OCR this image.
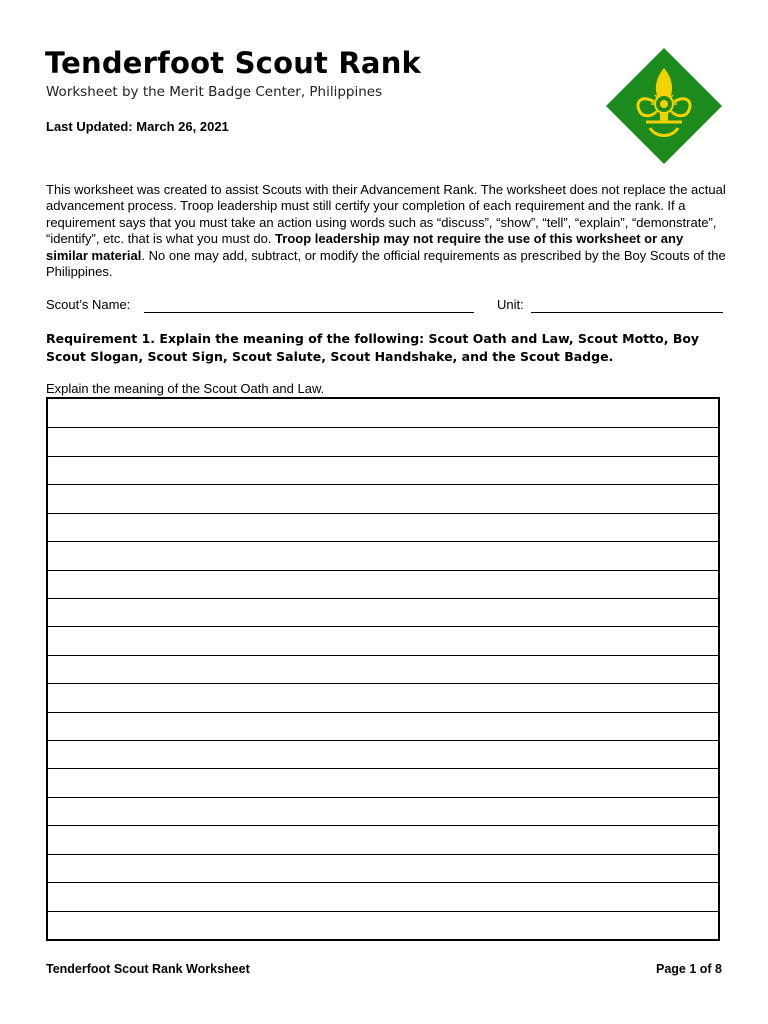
Tenderfoot Scout Rank
Worksheet by the Merit Badge Center, Philippines
Last Updated: March 26, 2021
This worksheet was created to assist Scouts with their Advancement Rank. The worksheet does not replace the actual advancement process. Troop leadership must still certify your completion of each requirement and the rank. If a requirement says that you must take an action using words such as “discuss”, “show”, “tell”, “explain”, “demonstrate”, “identify”, etc. that is what you must do. Troop leadership may not require the use of this worksheet or any similar material. No one may add, subtract, or modify the official requirements as prescribed by the Boy Scouts of the Philippines.
Scout’s Name:	Unit:
Requirement 1. Explain the meaning of the following: Scout Oath and Law, Scout Motto, Boy Scout Slogan, Scout Sign, Scout Salute, Scout Handshake, and the Scout Badge.
Explain the meaning of the Scout Oath and Law.
Tenderfoot Scout Rank Worksheet	Page 1 of 8
